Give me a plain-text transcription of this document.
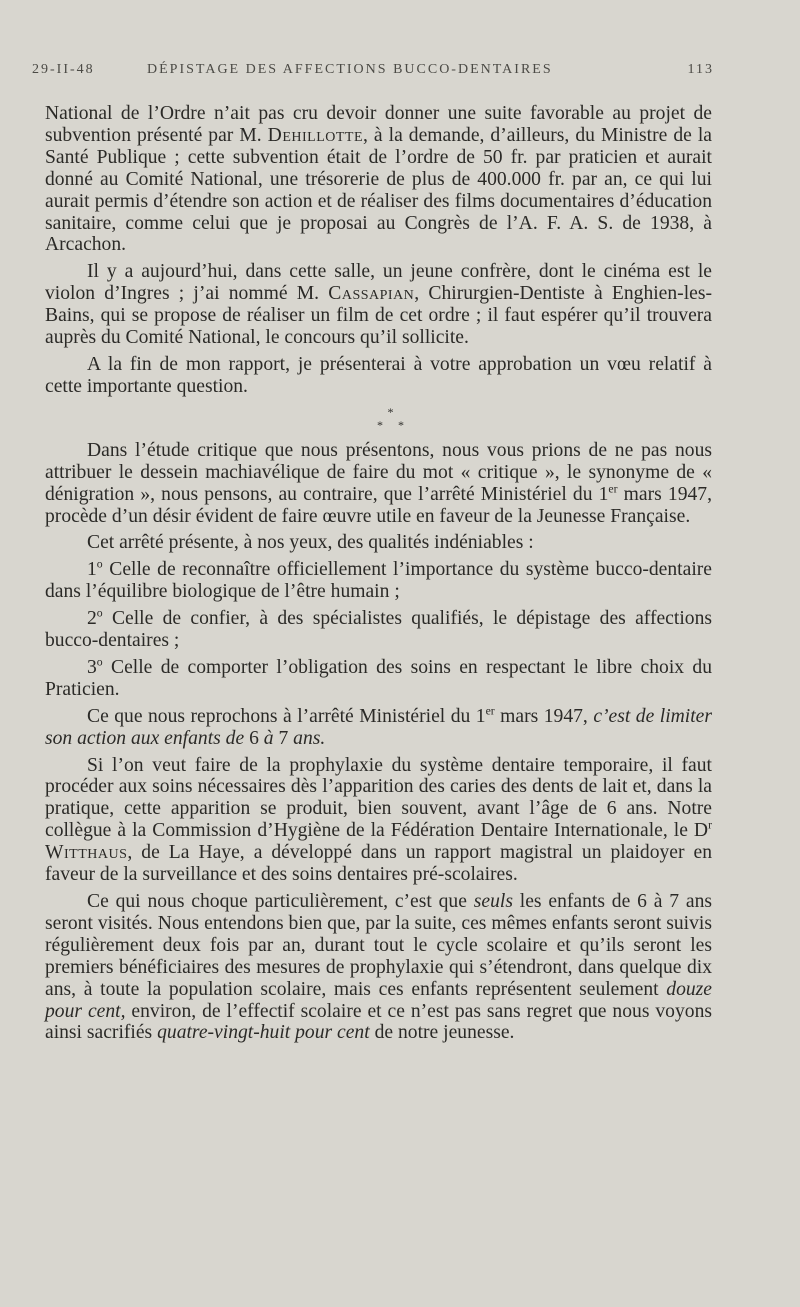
29-II-48	DÉPISTAGE DES AFFECTIONS BUCCO-DENTAIRES	113

National de l’Ordre n’ait pas cru devoir donner une suite favorable au projet de subvention présenté par M. Dehillotte, à la demande, d’ailleurs, du Ministre de la Santé Publique ; cette subvention était de l’ordre de 50 fr. par praticien et aurait donné au Comité National, une trésorerie de plus de 400.000 fr. par an, ce qui lui aurait permis d’étendre son action et de réaliser des films documentaires d’éducation sanitaire, comme celui que je proposai au Congrès de l’A. F. A. S. de 1938, à Arcachon.

Il y a aujourd’hui, dans cette salle, un jeune confrère, dont le cinéma est le violon d’Ingres ; j’ai nommé M. Cassapian, Chirurgien-Dentiste à Enghien-les-Bains, qui se propose de réaliser un film de cet ordre ; il faut espérer qu’il trouvera auprès du Comité National, le concours qu’il sollicite.

A la fin de mon rapport, je présenterai à votre approbation un vœu relatif à cette importante question.

*
* *

Dans l’étude critique que nous présentons, nous vous prions de ne pas nous attribuer le dessein machiavélique de faire du mot « critique », le synonyme de « dénigration », nous pensons, au contraire, que l’arrêté Ministériel du 1er mars 1947, procède d’un désir évident de faire œuvre utile en faveur de la Jeunesse Française.

Cet arrêté présente, à nos yeux, des qualités indéniables :

1$^o$ Celle de reconnaître officiellement l’importance du système bucco-dentaire dans l’équilibre biologique de l’être humain ;

2$^o$ Celle de confier, à des spécialistes qualifiés, le dépistage des affections bucco-dentaires ;

3$^o$ Celle de comporter l’obligation des soins en respectant le libre choix du Praticien.

Ce que nous reprochons à l’arrêté Ministériel du 1er mars 1947, c’est de limiter son action aux enfants de 6 à 7 ans.

Si l’on veut faire de la prophylaxie du système dentaire temporaire, il faut procéder aux soins nécessaires dès l’apparition des caries des dents de lait et, dans la pratique, cette apparition se produit, bien souvent, avant l’âge de 6 ans. Notre collègue à la Commission d’Hygiène de la Fédération Dentaire Internationale, le $D^r$ Witthaus, de La Haye, a développé dans un rapport magistral un plaidoyer en faveur de la surveillance et des soins dentaires pré-scolaires.

Ce qui nous choque particulièrement, c’est que seuls les enfants de 6 à 7 ans seront visités. Nous entendons bien que, par la suite, ces mêmes enfants seront suivis régulièrement deux fois par an, durant tout le cycle scolaire et qu’ils seront les premiers bénéficiaires des mesures de prophylaxie qui s’étendront, dans quelque dix ans, à toute la population scolaire, mais ces enfants représentent seulement douze pour cent, environ, de l’effectif scolaire et ce n’est pas sans regret que nous voyons ainsi sacrifiés quatre-vingt-huit pour cent de notre jeunesse.
